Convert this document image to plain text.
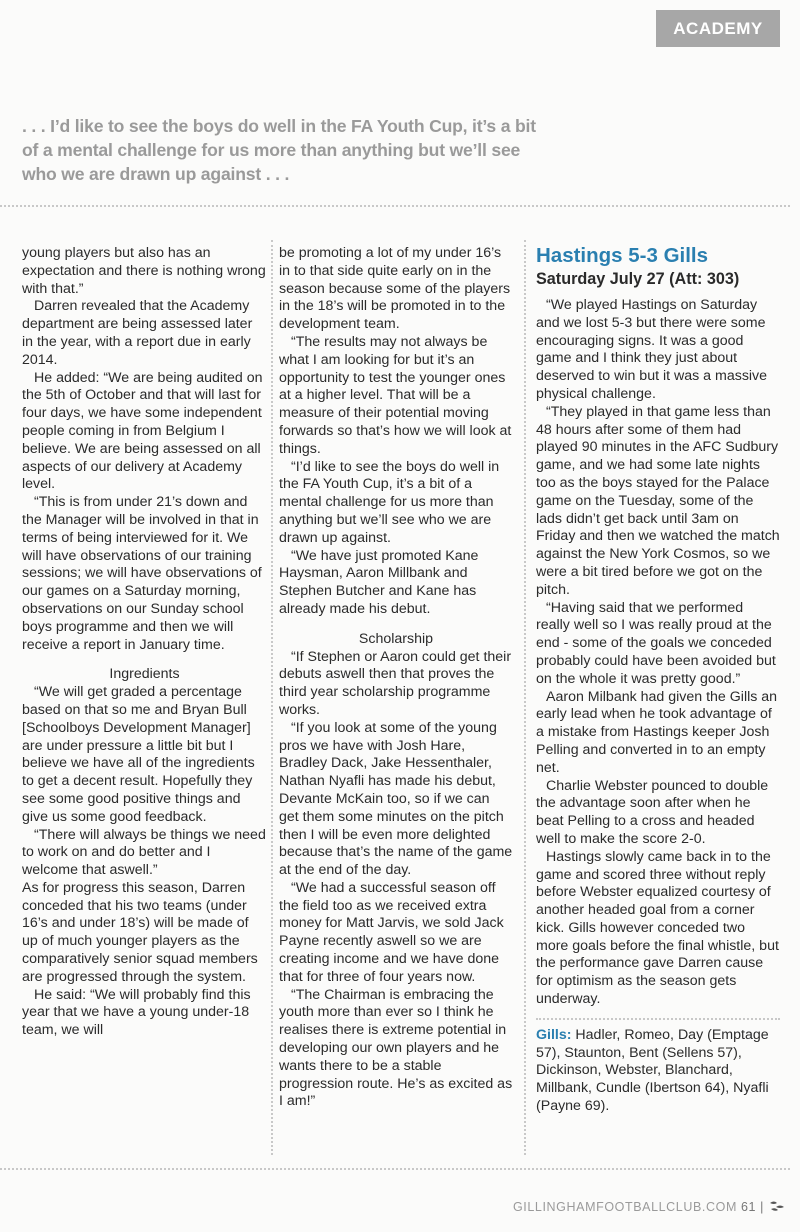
ACADEMY
. . . I’d like to see the boys do well in the FA Youth Cup, it’s a bit of a mental challenge for us more than anything but we’ll see who we are drawn up against . . .

young players but also has an expectation and there is nothing wrong with that.”

Darren revealed that the Academy department are being assessed later in the year, with a report due in early 2014.

He added: “We are being audited on the 5th of October and that will last for four days, we have some independent people coming in from Belgium I believe. We are being assessed on all aspects of our delivery at Academy level.

“This is from under 21’s down and the Manager will be involved in that in terms of being interviewed for it. We will have observations of our training sessions; we will have observations of our games on a Saturday morning, observations on our Sunday school boys programme and then we will receive a report in January time.

Ingredients

“We will get graded a percentage based on that so me and Bryan Bull [Schoolboys Development Manager] are under pressure a little bit but I believe we have all of the ingredients to get a decent result. Hopefully they see some good positive things and give us some good feedback.

“There will always be things we need to work on and do better and I welcome that aswell.”

As for progress this season, Darren conceded that his two teams (under 16’s and under 18’s) will be made of up of much younger players as the comparatively senior squad members are progressed through the system.

He said: “We will probably find this year that we have a young under-18 team, we will

be promoting a lot of my under 16’s in to that side quite early on in the season because some of the players in the 18’s will be promoted in to the development team.

“The results may not always be what I am looking for but it’s an opportunity to test the younger ones at a higher level. That will be a measure of their potential moving forwards so that’s how we will look at things.

“I’d like to see the boys do well in the FA Youth Cup, it’s a bit of a mental challenge for us more than anything but we’ll see who we are drawn up against.

“We have just promoted Kane Haysman, Aaron Millbank and Stephen Butcher and Kane has already made his debut.

Scholarship

“If Stephen or Aaron could get their debuts aswell then that proves the third year scholarship programme works.

“If you look at some of the young pros we have with Josh Hare, Bradley Dack, Jake Hessenthaler, Nathan Nyafli has made his debut, Devante McKain too, so if we can get them some minutes on the pitch then I will be even more delighted because that’s the name of the game at the end of the day.

“We had a successful season off the field too as we received extra money for Matt Jarvis, we sold Jack Payne recently aswell so we are creating income and we have done that for three of four years now.

“The Chairman is embracing the youth more than ever so I think he realises there is extreme potential in developing our own players and he wants there to be a stable progression route. He’s as excited as I am!”

Hastings 5-3 Gills
Saturday July 27 (Att: 303)

“We played Hastings on Saturday and we lost 5-3 but there were some encouraging signs. It was a good game and I think they just about deserved to win but it was a massive physical challenge.

“They played in that game less than 48 hours after some of them had played 90 minutes in the AFC Sudbury game, and we had some late nights too as the boys stayed for the Palace game on the Tuesday, some of the lads didn’t get back until 3am on Friday and then we watched the match against the New York Cosmos, so we were a bit tired before we got on the pitch.

“Having said that we performed really well so I was really proud at the end - some of the goals we conceded probably could have been avoided but on the whole it was pretty good.”

Aaron Milbank had given the Gills an early lead when he took advantage of a mistake from Hastings keeper Josh Pelling and converted in to an empty net.

Charlie Webster pounced to double the advantage soon after when he beat Pelling to a cross and headed well to make the score 2-0.

Hastings slowly came back in to the game and scored three without reply before Webster equalized courtesy of another headed goal from a corner kick. Gills however conceded two more goals before the final whistle, but the performance gave Darren cause for optimism as the season gets underway.

Gills: Hadler, Romeo, Day (Emptage 57), Staunton, Bent (Sellens 57), Dickinson, Webster, Blanchard, Millbank, Cundle (Ibertson 64), Nyafli (Payne 69).

GILLINGHAMFOOTBALLCLUB.COM 61 |
